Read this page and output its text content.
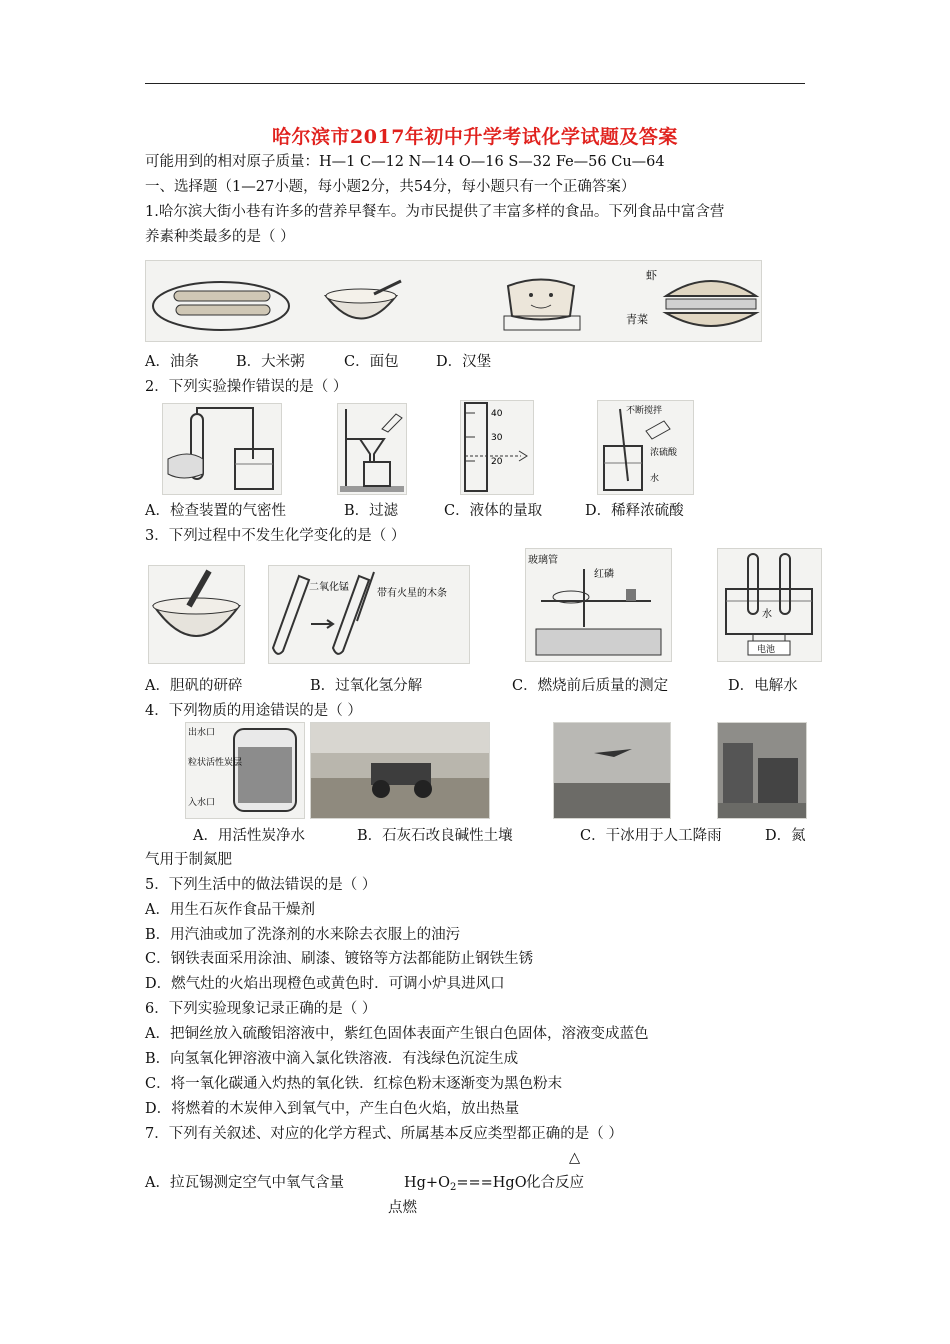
哈尔滨市2017年初中升学考试化学试题及答案
可能用到的相对原子质量：H—1 C—12 N—14 O—16 S—32 Fe—56 Cu—64
一、选择题（1—27小题，每小题2分，共54分，每小题只有一个正确答案）
1.哈尔滨大街小巷有许多的营养早餐车。为市民提供了丰富多样的食品。下列食品中富含营
养素种类最多的是（ ）
虾
青菜
A．油条	B．大米粥	C．面包	D．汉堡
2．下列实验操作错误的是（ ）
40
30
20
不断搅拌
浓硫酸
水
A．检查装置的气密性	B．过滤	C．液体的量取	D．稀释浓硫酸
3．下列过程中不发生化学变化的是（ ）
二氧化锰
带有火星的木条
玻璃管
红磷
水
电池
A．胆矾的研碎	B．过氧化氢分解	C．燃烧前后质量的测定	D．电解水
4．下列物质的用途错误的是（ ）
出水口
粒状活性炭层
入水口
A．用活性炭净水	B．石灰石改良碱性土壤	C．干冰用于人工降雨	D．氮
气用于制氮肥
5．下列生活中的做法错误的是（ ）
A．用生石灰作食品干燥剂
B．用汽油或加了洗涤剂的水来除去衣服上的油污
C．钢铁表面采用涂油、刷漆、镀铬等方法都能防止钢铁生锈
D．燃气灶的火焰出现橙色或黄色时．可调小炉具进风口
6．下列实验现象记录正确的是（ ）
A．把铜丝放入硫酸铝溶液中，紫红色固体表面产生银白色固体，溶液变成蓝色
B．向氢氧化钾溶液中滴入氯化铁溶液．有浅绿色沉淀生成
C．将一氧化碳通入灼热的氧化铁．红棕色粉末逐渐变为黑色粉末
D．将燃着的木炭伸入到氧气中，产生白色火焰，放出热量
7．下列有关叙述、对应的化学方程式、所属基本反应类型都正确的是（ ）
△
A．拉瓦锡测定空气中氧气含量	$Hg+O_2===HgO$ 化合反应
点燃
